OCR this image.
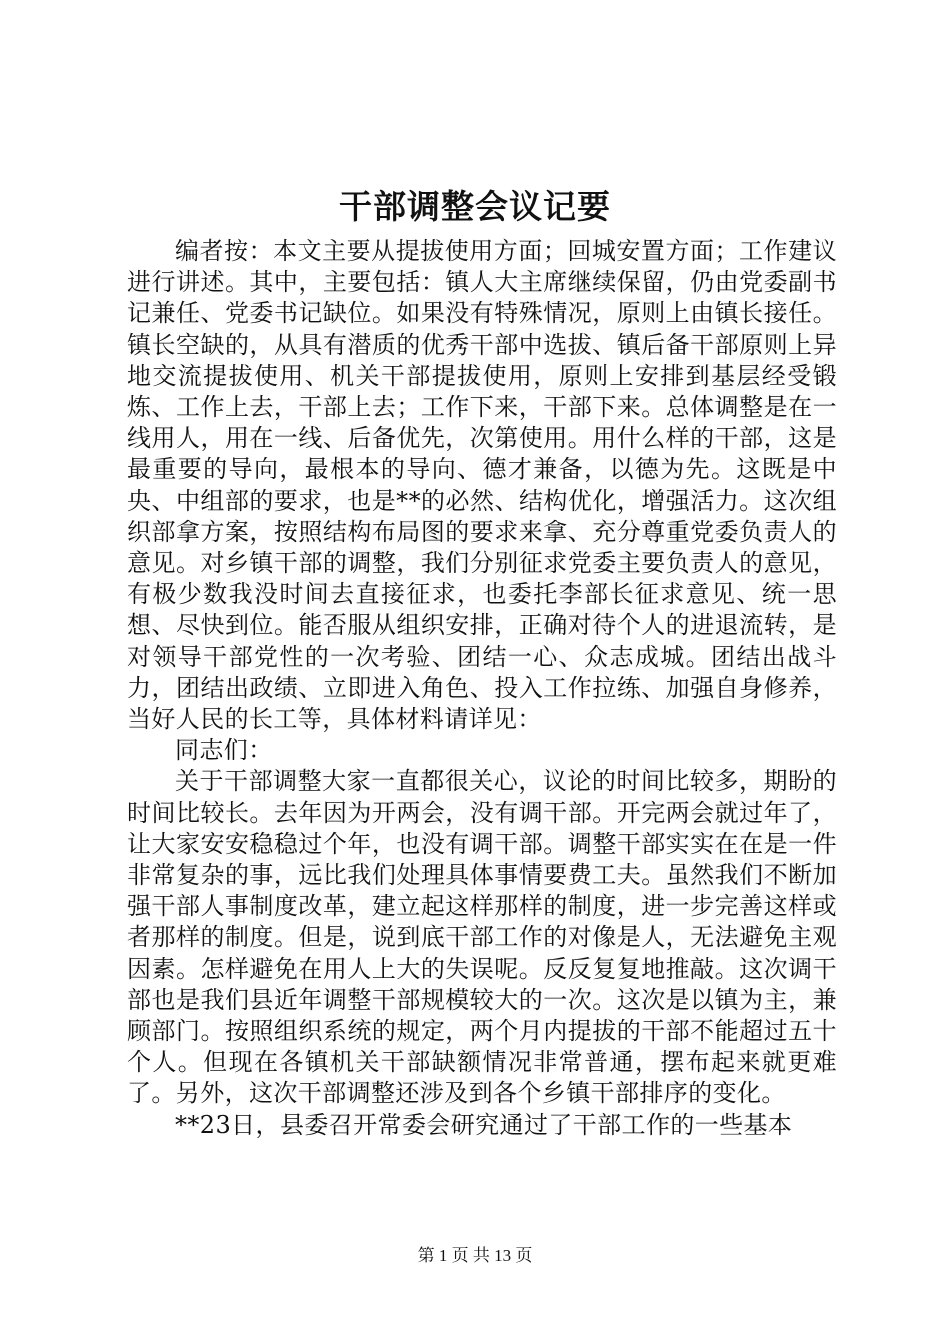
干部调整会议记要

编者按：本文主要从提拔使用方面；回城安置方面；工作建议进行讲述。其中，主要包括：镇人大主席继续保留，仍由党委副书记兼任、党委书记缺位。如果没有特殊情况，原则上由镇长接任。镇长空缺的，从具有潜质的优秀干部中选拔、镇后备干部原则上异地交流提拔使用、机关干部提拔使用，原则上安排到基层经受锻炼、工作上去，干部上去；工作下来，干部下来。总体调整是在一线用人，用在一线、后备优先，次第使用。用什么样的干部，这是最重要的导向，最根本的导向、德才兼备，以德为先。这既是中央、中组部的要求，也是**的必然、结构优化，增强活力。这次组织部拿方案，按照结构布局图的要求来拿、充分尊重党委负责人的意见。对乡镇干部的调整，我们分别征求党委主要负责人的意见，有极少数我没时间去直接征求，也委托李部长征求意见、统一思想、尽快到位。能否服从组织安排，正确对待个人的进退流转，是对领导干部党性的一次考验、团结一心、众志成城。团结出战斗力，团结出政绩、立即进入角色、投入工作拉练、加强自身修养，当好人民的长工等，具体材料请详见：

同志们：

关于干部调整大家一直都很关心，议论的时间比较多，期盼的时间比较长。去年因为开两会，没有调干部。开完两会就过年了，让大家安安稳稳过个年，也没有调干部。调整干部实实在在是一件非常复杂的事，远比我们处理具体事情要费工夫。虽然我们不断加强干部人事制度改革，建立起这样那样的制度，进一步完善这样或者那样的制度。但是，说到底干部工作的对像是人，无法避免主观因素。怎样避免在用人上大的失误呢。反反复复地推敲。这次调干部也是我们县近年调整干部规模较大的一次。这次是以镇为主，兼顾部门。按照组织系统的规定，两个月内提拔的干部不能超过五十个人。但现在各镇机关干部缺额情况非常普通，摆布起来就更难了。另外，这次干部调整还涉及到各个乡镇干部排序的变化。

**23日，县委召开常委会研究通过了干部工作的一些基本

第 1 页 共 13 页
